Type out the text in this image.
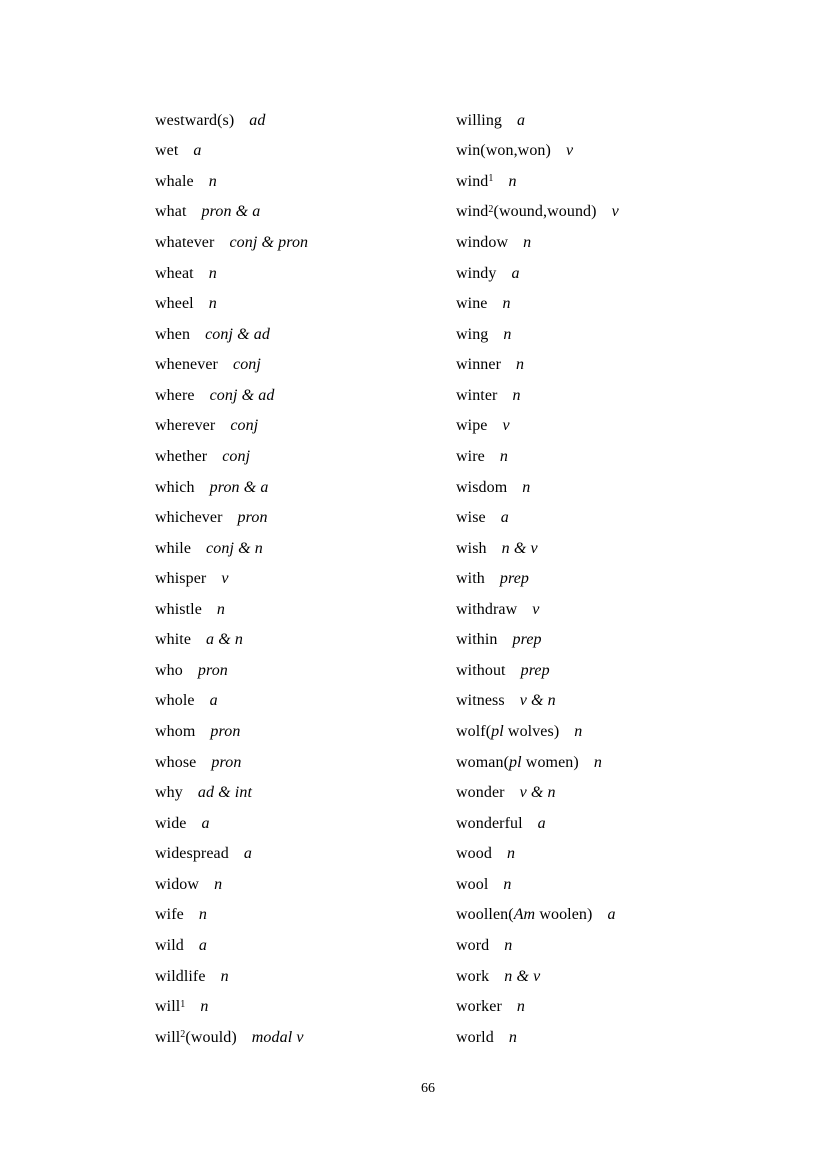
westward(s) ad
wet a
whale n
what pron & a
whatever conj & pron
wheat n
wheel n
when conj & ad
whenever conj
where conj & ad
wherever conj
whether conj
which pron & a
whichever pron
while conj & n
whisper v
whistle n
white a & n
who pron
whole a
whom pron
whose pron
why ad & int
wide a
widespread a
widow n
wife n
wild a
wildlife n
will$^1$ n
will$^2$(would) modal v
willing a
win(won,won) v
wind$^1$ n
wind$^2$(wound,wound) v
window n
windy a
wine n
wing n
winner n
winter n
wipe v
wire n
wisdom n
wise a
wish n & v
with prep
withdraw v
within prep
without prep
witness v & n
wolf(pl wolves) n
woman(pl women) n
wonder v & n
wonderful a
wood n
wool n
woollen(Am woolen) a
word n
work n & v
worker n
world n
66
